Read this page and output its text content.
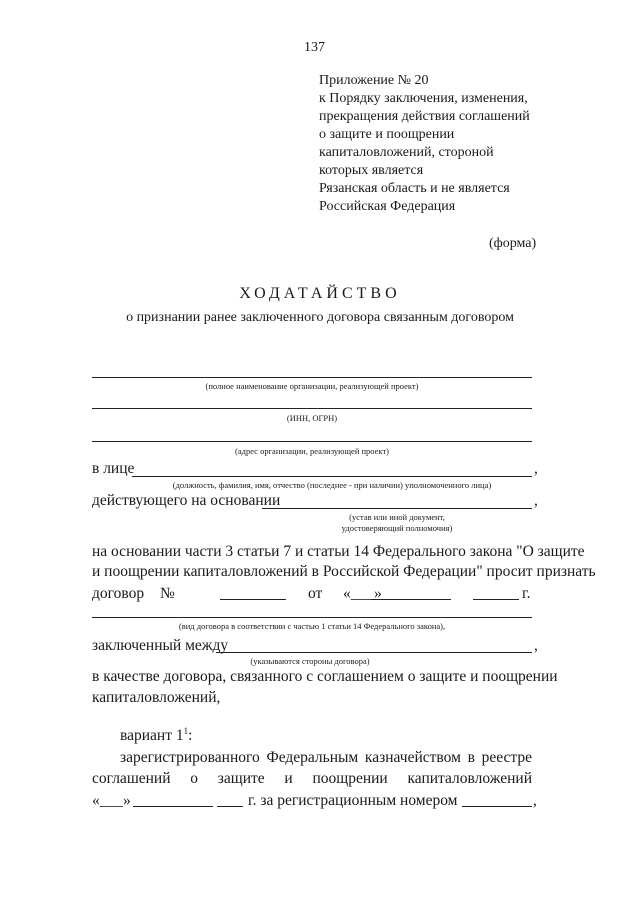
137
Приложение № 20
к Порядку заключения, изменения,
прекращения действия соглашений
о защите и поощрении
капиталовложений, стороной
которых является
Рязанская область и не является
Российская Федерация
(форма)
ХОДАТАЙСТВО
о признании ранее заключенного договора связанным договором
(полное наименование организации, реализующей проект)
(ИНН, ОГРН)
(адрес организации, реализующей проект)
в лице	,
(должность, фамилия, имя, отчество (последнее - при наличии) уполномоченного лица)
действующего на основании	,
(устав или иной документ,
удостоверяющий полномочия)
на основании части 3 статьи 7 и статьи 14 Федерального закона "О защите
и поощрении капиталовложений в Российской Федерации" просит признать
договор №	от «___»	г.
(вид договора в соответствии с частью 1 статьи 14 Федерального закона),
заключенный между	,
(указываются стороны договора)
в качестве договора, связанного с соглашением о защите и поощрении
капиталовложений,
вариант $1^1$:
зарегистрированного Федеральным казначейством в реестре
соглашений о защите и поощрении капиталовложений
«___»	г. за регистрационным номером	,
